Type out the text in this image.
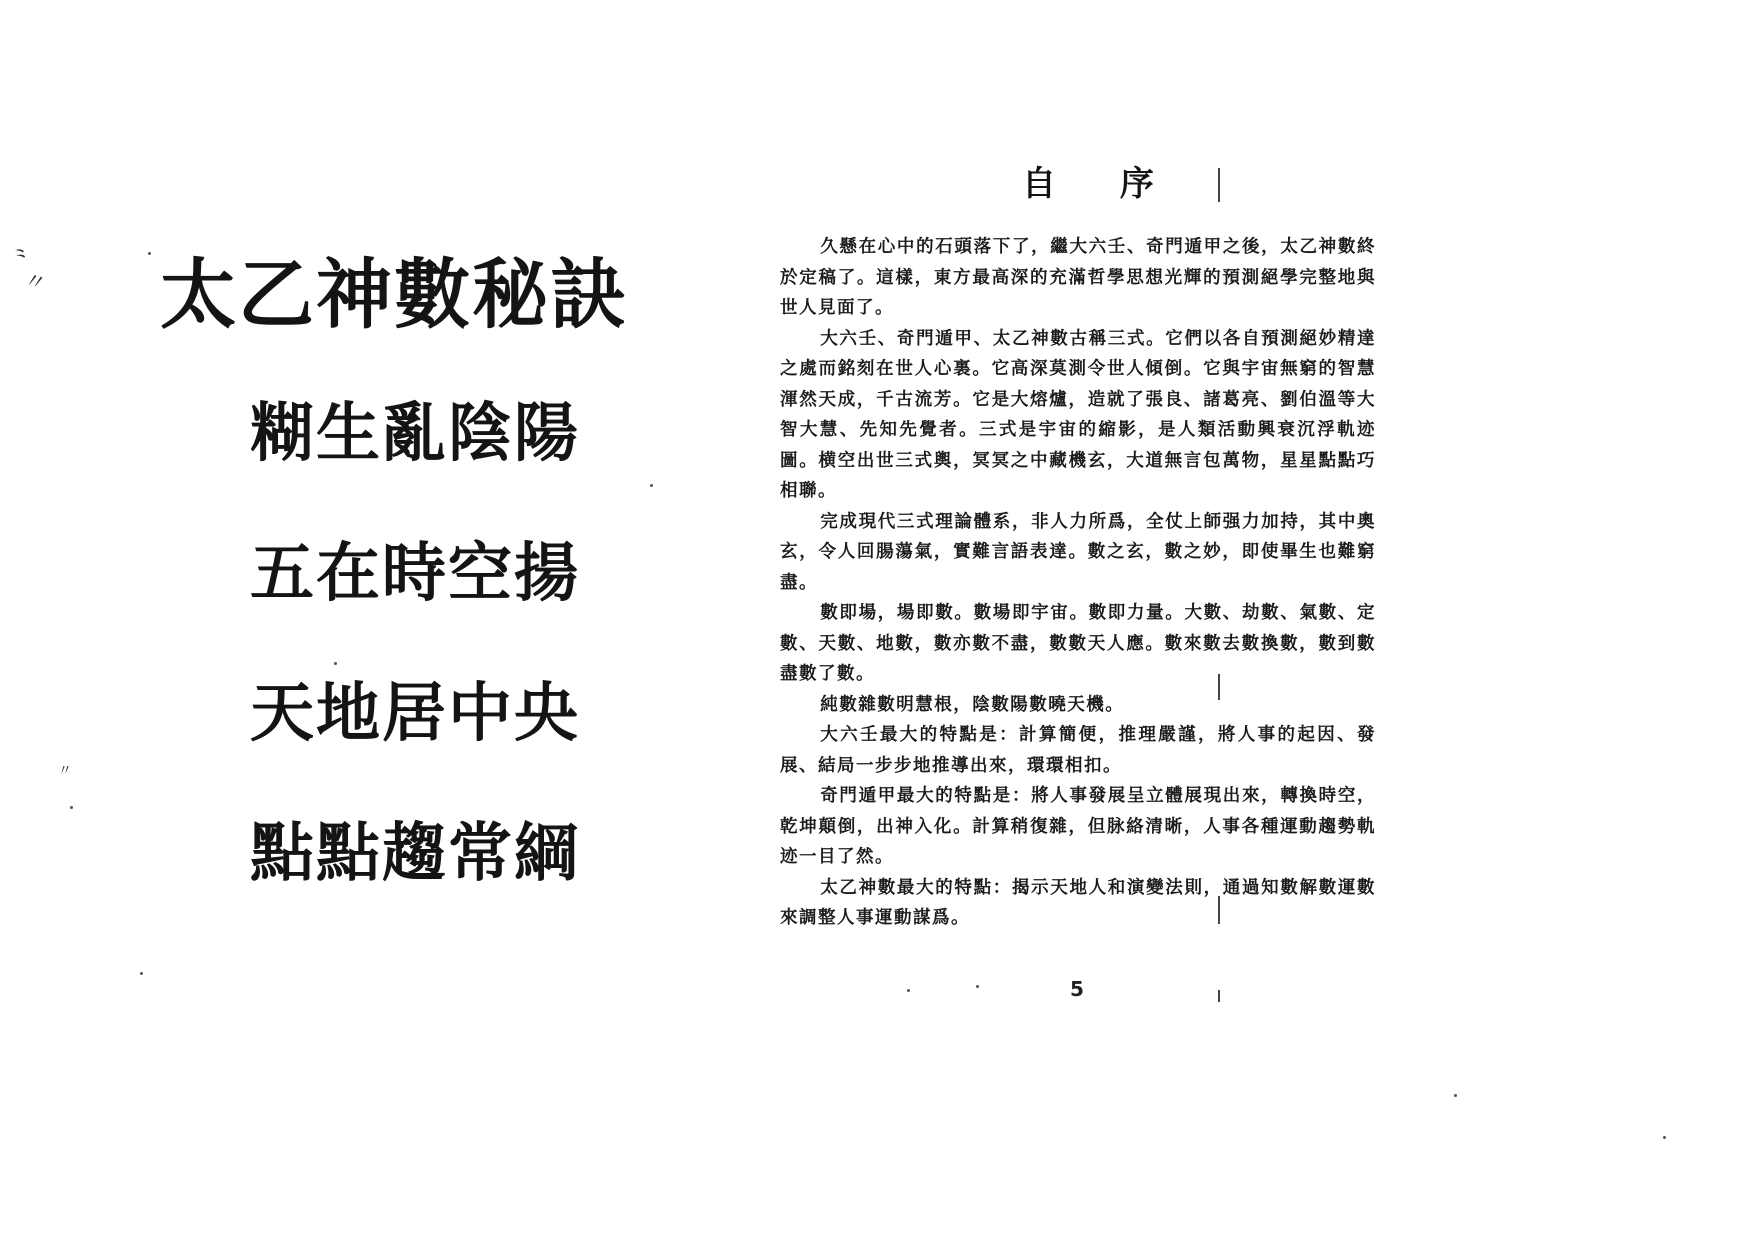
⺀
〃
〃
太乙神數秘訣
糊生亂陰陽
五在時空揚
天地居中央
點點趨常綱
自 序

久懸在心中的石頭落下了，繼大六壬、奇門遁甲之後，太乙神數終於定稿了。這樣，東方最高深的充滿哲學思想光輝的預測絕學完整地與世人見面了。

大六壬、奇門遁甲、太乙神數古稱三式。它們以各自預測絕妙精達之處而銘刻在世人心裏。它高深莫測令世人傾倒。它與宇宙無窮的智慧渾然天成，千古流芳。它是大熔爐，造就了張良、諸葛亮、劉伯溫等大智大慧、先知先覺者。三式是宇宙的縮影，是人類活動興衰沉浮軌迹圖。横空出世三式輿，冥冥之中藏機玄，大道無言包萬物，星星點點巧相聯。

完成現代三式理論體系，非人力所爲，全仗上師强力加持，其中奧玄，令人回腸蕩氣，實難言語表達。數之玄，數之妙，即使畢生也難窮盡。

數即場，場即數。數場即宇宙。數即力量。大數、劫數、氣數、定數、天數、地數，數亦數不盡，數數天人應。數來數去數換數，數到數盡數了數。

純數雜數明慧根，陰數陽數曉天機。

大六壬最大的特點是：計算簡便，推理嚴謹，將人事的起因、發展、結局一步步地推導出來，環環相扣。

奇門遁甲最大的特點是：將人事發展呈立體展現出來，轉換時空，乾坤顛倒，出神入化。計算稍復雜，但脉絡清晰，人事各種運動趨勢軌迹一目了然。

太乙神數最大的特點：揭示天地人和演變法則，通過知數解數運數來調整人事運動謀爲。

5
